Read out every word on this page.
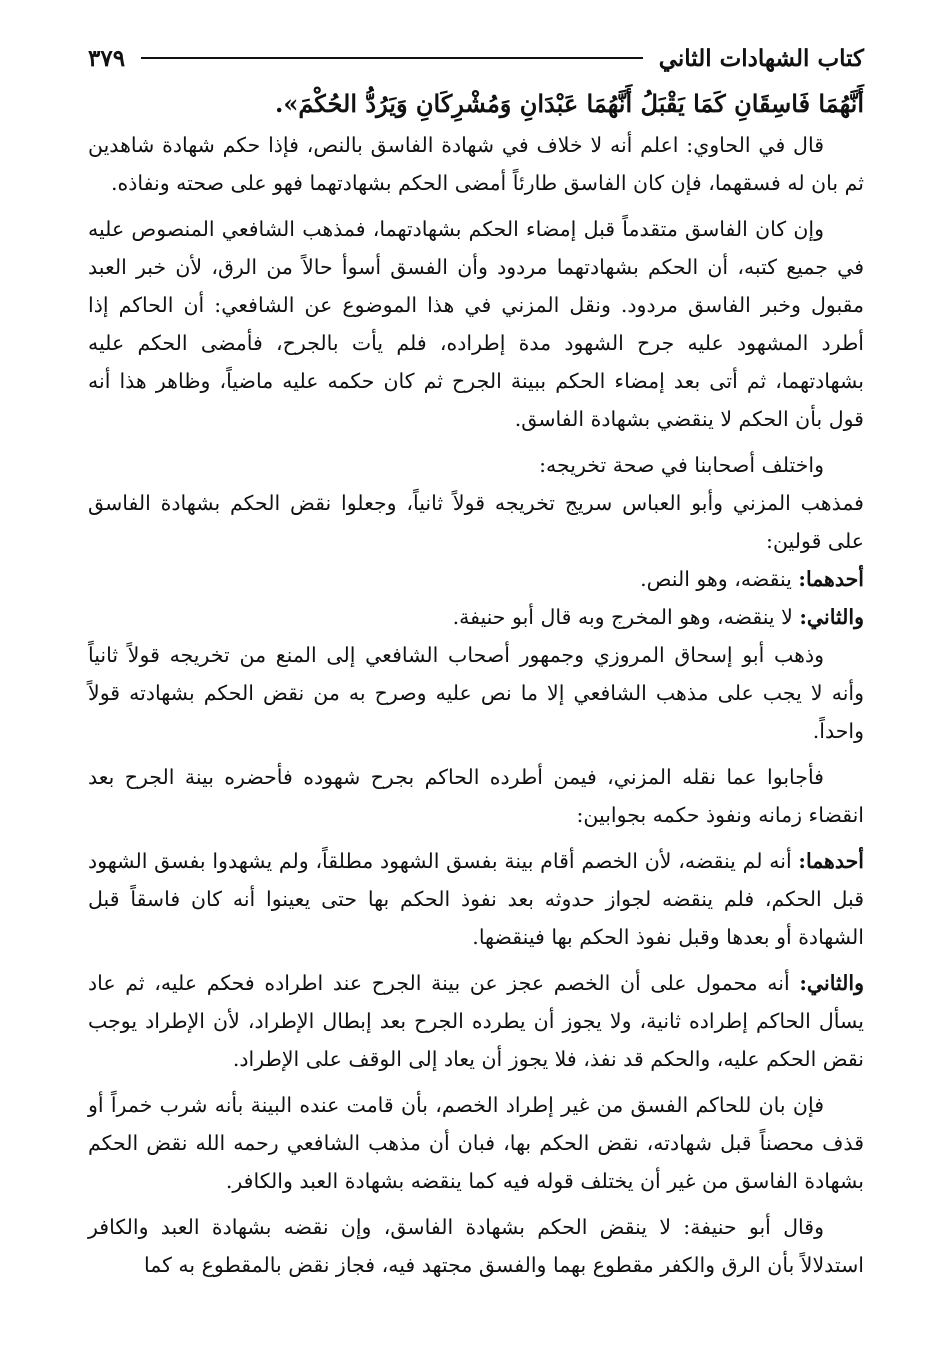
كتاب الشهادات الثاني
٣٧٩
أَنَّهُمَا فَاسِقَانِ كَمَا يَقْبَلُ أَنَّهُمَا عَبْدَانِ وَمُشْرِكَانِ وَيَرُدُّ الحُكْمَ».

قال في الحاوي: اعلم أنه لا خلاف في شهادة الفاسق بالنص، فإذا حكم شهادة شاهدين ثم بان له فسقهما، فإن كان الفاسق طارئاً أمضى الحكم بشهادتهما فهو على صحته ونفاذه.

وإن كان الفاسق متقدماً قبل إمضاء الحكم بشهادتهما، فمذهب الشافعي المنصوص عليه في جميع كتبه، أن الحكم بشهادتهما مردود وأن الفسق أسوأ حالاً من الرق، لأن خبر العبد مقبول وخبر الفاسق مردود. ونقل المزني في هذا الموضوع عن الشافعي: أن الحاكم إذا أطرد المشهود عليه جرح الشهود مدة إطراده، فلم يأت بالجرح، فأمضى الحكم عليه بشهادتهما، ثم أتى بعد إمضاء الحكم ببينة الجرح ثم كان حكمه عليه ماضياً، وظاهر هذا أنه قول بأن الحكم لا ينقضي بشهادة الفاسق.

واختلف أصحابنا في صحة تخريجه:

فمذهب المزني وأبو العباس سريج تخريجه قولاً ثانياً، وجعلوا نقض الحكم بشهادة الفاسق على قولين:

أحدهما: ينقضه، وهو النص.

والثاني: لا ينقضه، وهو المخرج وبه قال أبو حنيفة.

وذهب أبو إسحاق المروزي وجمهور أصحاب الشافعي إلى المنع من تخريجه قولاً ثانياً وأنه لا يجب على مذهب الشافعي إلا ما نص عليه وصرح به من نقض الحكم بشهادته قولاً واحداً.

فأجابوا عما نقله المزني، فيمن أطرده الحاكم بجرح شهوده فأحضره بينة الجرح بعد انقضاء زمانه ونفوذ حكمه بجوابين:

أحدهما: أنه لم ينقضه، لأن الخصم أقام بينة بفسق الشهود مطلقاً، ولم يشهدوا بفسق الشهود قبل الحكم، فلم ينقضه لجواز حدوثه بعد نفوذ الحكم بها حتى يعينوا أنه كان فاسقاً قبل الشهادة أو بعدها وقبل نفوذ الحكم بها فينقضها.

والثاني: أنه محمول على أن الخصم عجز عن بينة الجرح عند اطراده فحكم عليه، ثم عاد يسأل الحاكم إطراده ثانية، ولا يجوز أن يطرده الجرح بعد إبطال الإطراد، لأن الإطراد يوجب نقض الحكم عليه، والحكم قد نفذ، فلا يجوز أن يعاد إلى الوقف على الإطراد.

فإن بان للحاكم الفسق من غير إطراد الخصم، بأن قامت عنده البينة بأنه شرب خمراً أو قذف محصناً قبل شهادته، نقض الحكم بها، فبان أن مذهب الشافعي رحمه الله نقض الحكم بشهادة الفاسق من غير أن يختلف قوله فيه كما ينقضه بشهادة العبد والكافر.

وقال أبو حنيفة: لا ينقض الحكم بشهادة الفاسق، وإن نقضه بشهادة العبد والكافر استدلالاً بأن الرق والكفر مقطوع بهما والفسق مجتهد فيه، فجاز نقض بالمقطوع به كما
